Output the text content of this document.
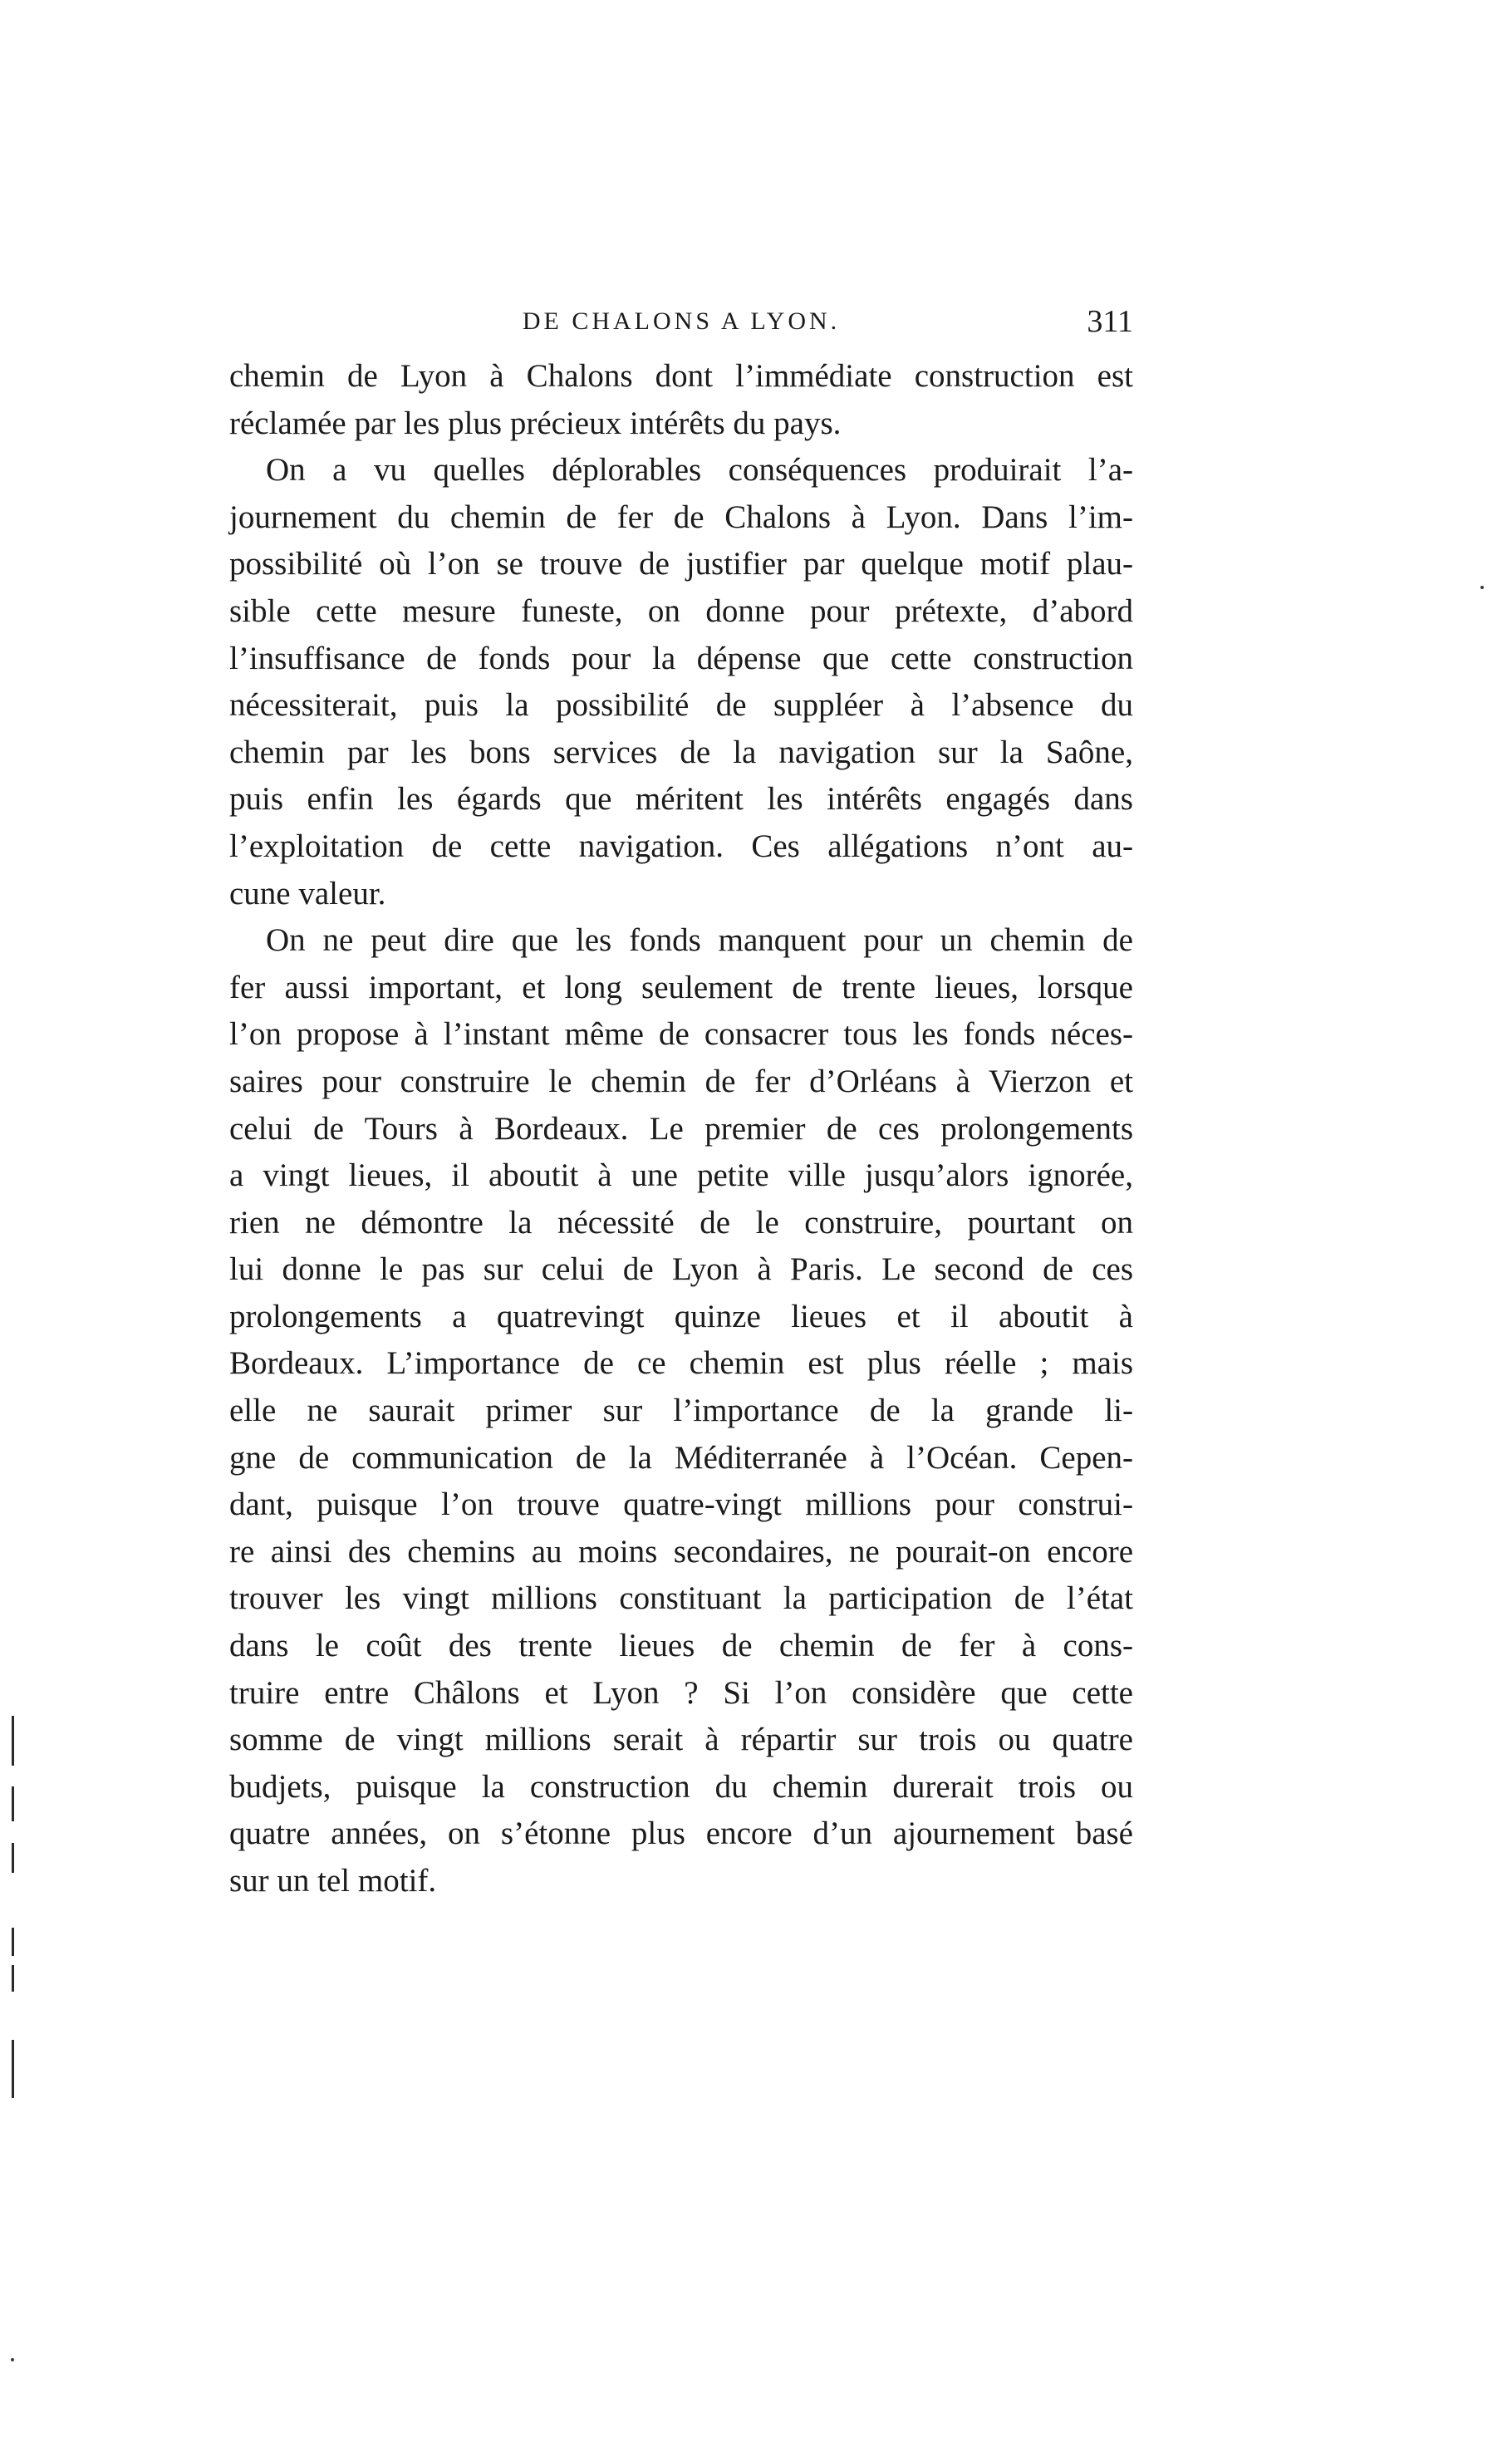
DE CHALONS A LYON.	311
chemin de Lyon à Chalons dont l’immédiate construction est
réclamée par les plus précieux intérêts du pays.
On a vu quelles déplorables conséquences produirait l’a-
journement du chemin de fer de Chalons à Lyon. Dans l’im-
possibilité où l’on se trouve de justifier par quelque motif plau-
sible cette mesure funeste, on donne pour prétexte, d’abord
l’insuffisance de fonds pour la dépense que cette construction
nécessiterait, puis la possibilité de suppléer à l’absence du
chemin par les bons services de la navigation sur la Saône,
puis enfin les égards que méritent les intérêts engagés dans
l’exploitation de cette navigation. Ces allégations n’ont au-
cune valeur.
On ne peut dire que les fonds manquent pour un chemin de
fer aussi important, et long seulement de trente lieues, lorsque
l’on propose à l’instant même de consacrer tous les fonds néces-
saires pour construire le chemin de fer d’Orléans à Vierzon et
celui de Tours à Bordeaux. Le premier de ces prolongements
a vingt lieues, il aboutit à une petite ville jusqu’alors ignorée,
rien ne démontre la nécessité de le construire, pourtant on
lui donne le pas sur celui de Lyon à Paris. Le second de ces
prolongements a quatrevingt quinze lieues et il aboutit à
Bordeaux. L’importance de ce chemin est plus réelle ; mais
elle ne saurait primer sur l’importance de la grande li-
gne de communication de la Méditerranée à l’Océan. Cepen-
dant, puisque l’on trouve quatre-vingt millions pour construi-
re ainsi des chemins au moins secondaires, ne pourait-on encore
trouver les vingt millions constituant la participation de l’état
dans le coût des trente lieues de chemin de fer à cons-
truire entre Châlons et Lyon ? Si l’on considère que cette
somme de vingt millions serait à répartir sur trois ou quatre
budjets, puisque la construction du chemin durerait trois ou
quatre années, on s’étonne plus encore d’un ajournement basé
sur un tel motif.
